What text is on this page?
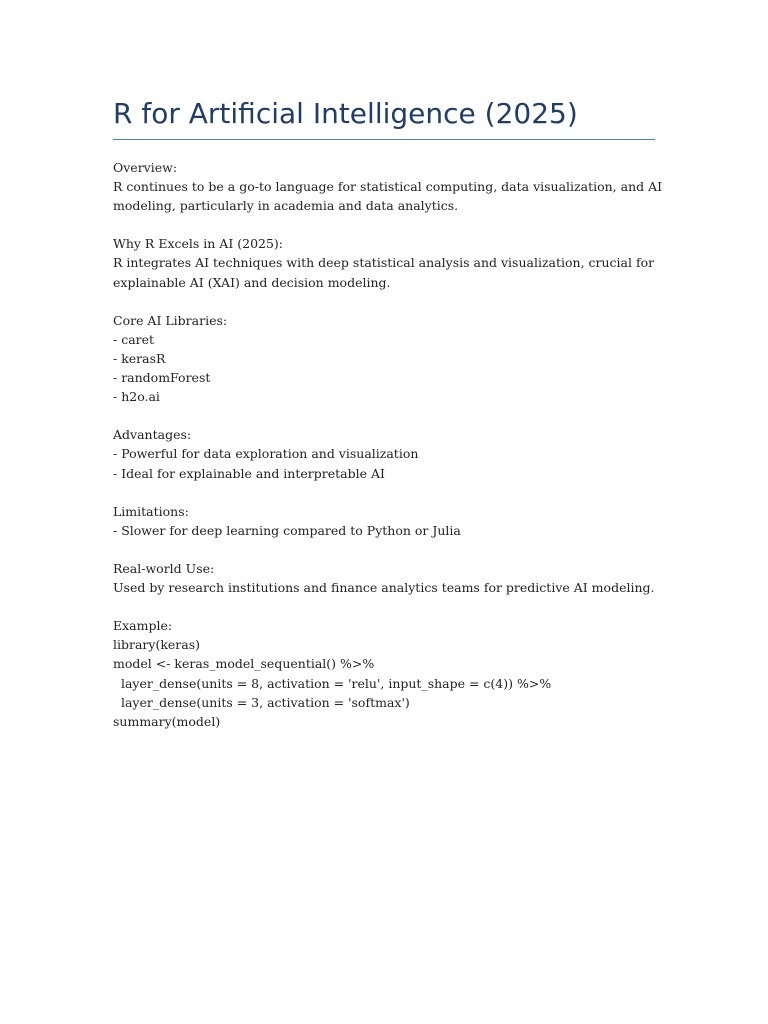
R for Artificial Intelligence (2025)
Overview:
R continues to be a go-to language for statistical computing, data visualization, and AI
modeling, particularly in academia and data analytics.
Why R Excels in AI (2025):
R integrates AI techniques with deep statistical analysis and visualization, crucial for
explainable AI (XAI) and decision modeling.
Core AI Libraries:
- caret
- kerasR
- randomForest
- h2o.ai
Advantages:
- Powerful for data exploration and visualization
- Ideal for explainable and interpretable AI
Limitations:
- Slower for deep learning compared to Python or Julia
Real-world Use:
Used by research institutions and finance analytics teams for predictive AI modeling.
Example:
library(keras)
model <- keras_model_sequential() %>%
layer_dense(units = 8, activation = 'relu', input_shape = c(4)) %>%
layer_dense(units = 3, activation = 'softmax')
summary(model)
